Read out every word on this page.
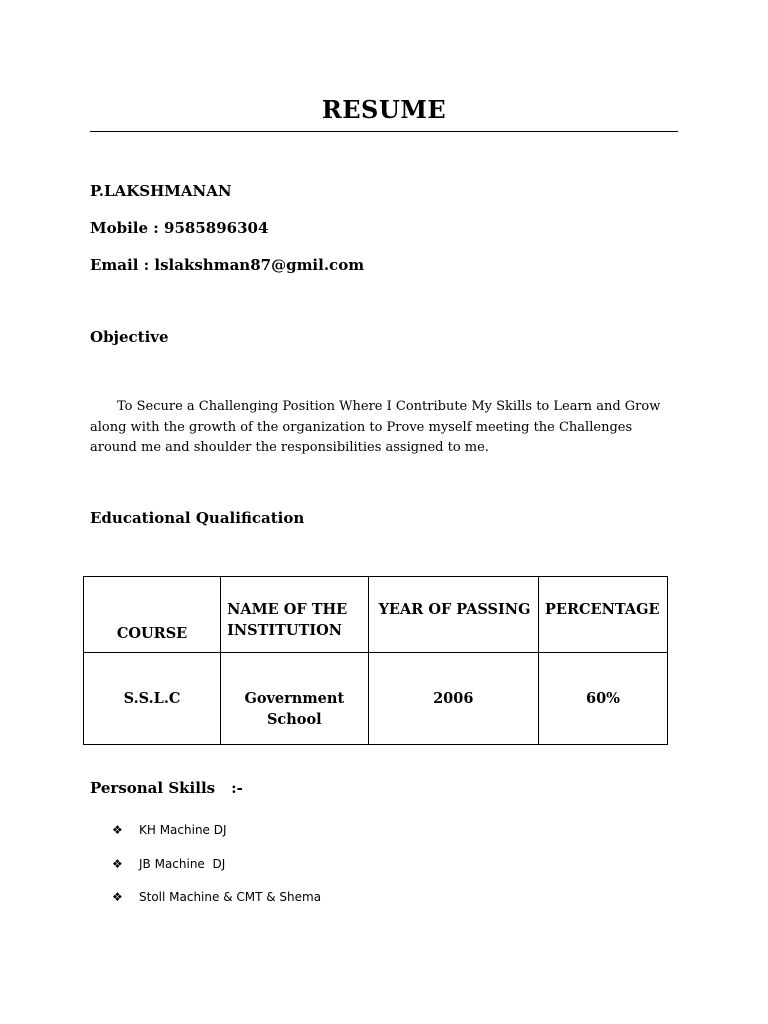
RESUME
P.LAKSHMANAN
Mobile : 9585896304
Email : lslakshman87@gmil.com
Objective
To Secure a Challenging Position Where I Contribute My Skills to Learn and Grow along with the growth of the organization to Prove myself meeting the Challenges around me and shoulder the responsibilities assigned to me.
Educational Qualification
COURSE	NAME OF THE INSTITUTION	YEAR OF PASSING	PERCENTAGE
S.S.L.C	Government School	2006	60%
Personal Skills :-
❖ KH Machine DJ
❖ JB Machine  DJ
❖ Stoll Machine & CMT & Shema
